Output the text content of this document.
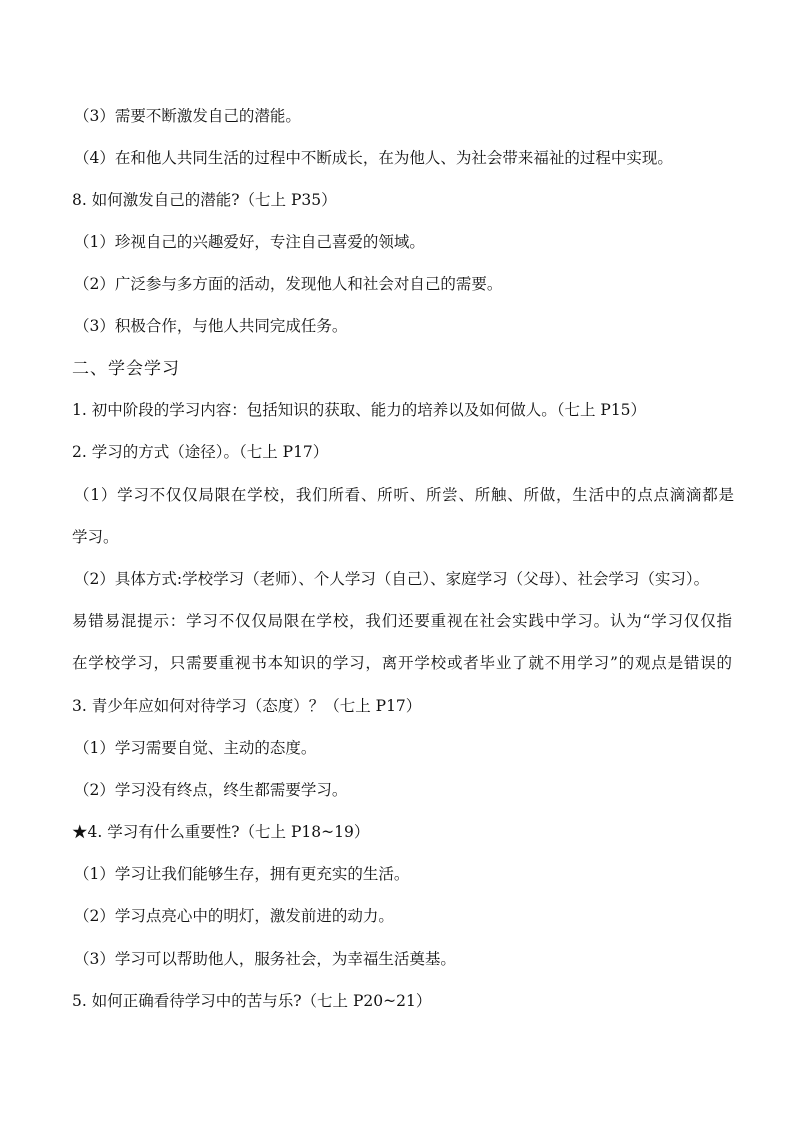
（3）需要不断激发自己的潜能。
（4）在和他人共同生活的过程中不断成长，在为他人、为社会带来福祉的过程中实现。
8. 如何激发自己的潜能?（七上 P35）
（1）珍视自己的兴趣爱好，专注自己喜爱的领域。
（2）广泛参与多方面的活动，发现他人和社会对自己的需要。
（3）积极合作，与他人共同完成任务。
二、学会学习
1. 初中阶段的学习内容：包括知识的获取、能力的培养以及如何做人。（七上 P15）
2. 学习的方式（途径）。（七上 P17）
（1）学习不仅仅局限在学校，我们所看、所听、所尝、所触、所做，生活中的点点滴滴都是
学习。
（2）具体方式:学校学习（老师）、个人学习（自己）、家庭学习（父母）、社会学习（实习）。
易错易混提示：学习不仅仅局限在学校，我们还要重视在社会实践中学习。认为“学习仅仅指
在学校学习，只需要重视书本知识的学习，离开学校或者毕业了就不用学习”的观点是错误的
3. 青少年应如何对待学习（态度）？（七上 P17）
（1）学习需要自觉、主动的态度。
（2）学习没有终点，终生都需要学习。
★4. 学习有什么重要性?（七上 P18~19）
（1）学习让我们能够生存，拥有更充实的生活。
（2）学习点亮心中的明灯，激发前进的动力。
（3）学习可以帮助他人，服务社会，为幸福生活奠基。
5. 如何正确看待学习中的苦与乐?（七上 P20~21）
